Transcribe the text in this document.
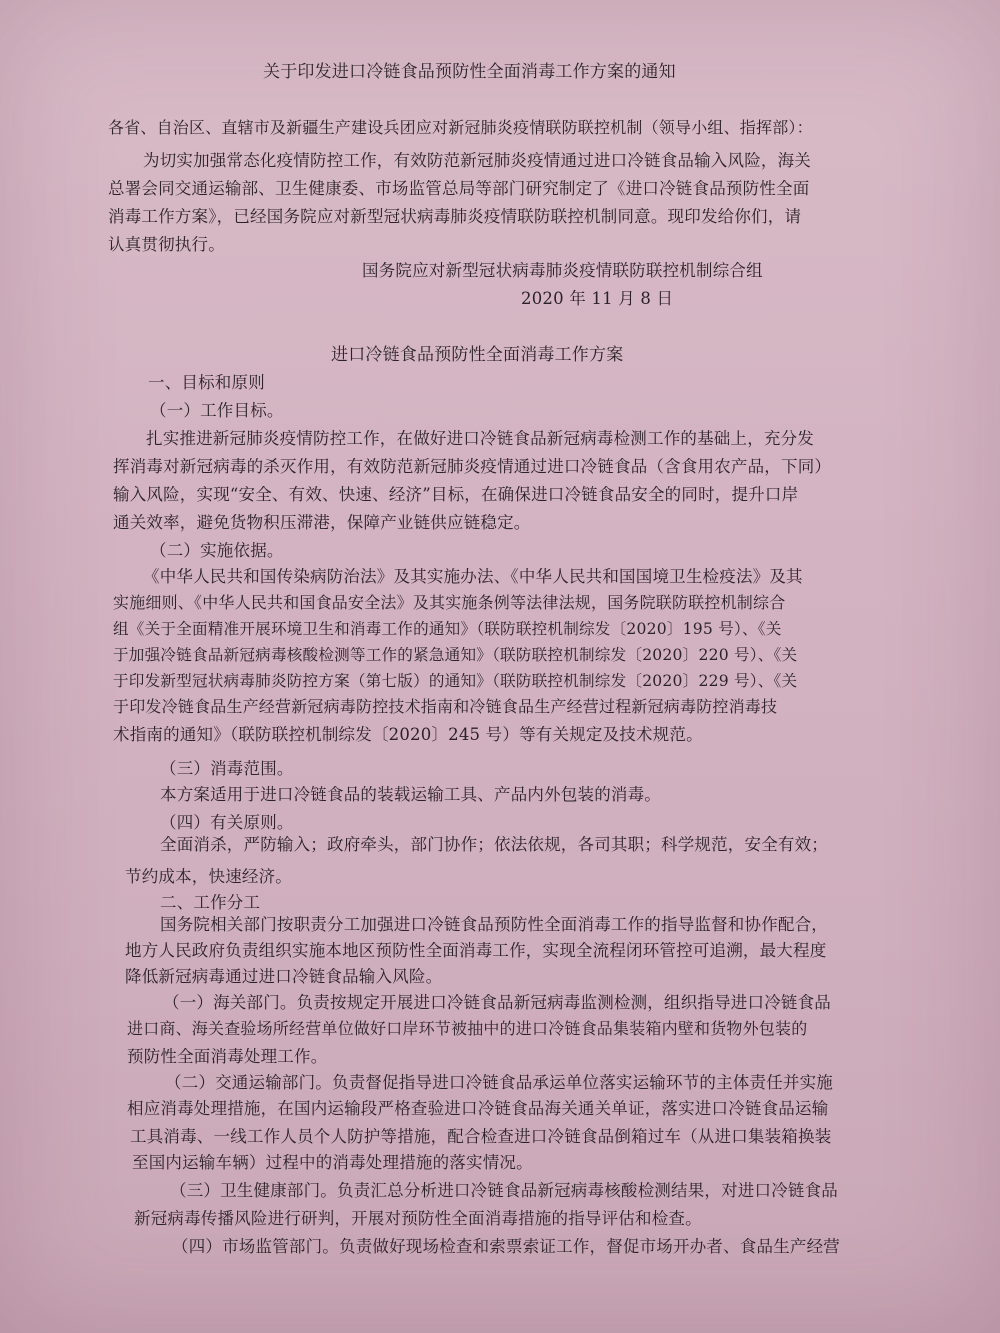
关于印发进口冷链食品预防性全面消毒工作方案的通知
各省、自治区、直辖市及新疆生产建设兵团应对新冠肺炎疫情联防联控机制（领导小组、指挥部）：
为切实加强常态化疫情防控工作，有效防范新冠肺炎疫情通过进口冷链食品输入风险，海关
总署会同交通运输部、卫生健康委、市场监管总局等部门研究制定了《进口冷链食品预防性全面
消毒工作方案》，已经国务院应对新型冠状病毒肺炎疫情联防联控机制同意。现印发给你们，请
认真贯彻执行。
国务院应对新型冠状病毒肺炎疫情联防联控机制综合组
2020 年 11 月 8 日
进口冷链食品预防性全面消毒工作方案
一、目标和原则
（一）工作目标。
扎实推进新冠肺炎疫情防控工作，在做好进口冷链食品新冠病毒检测工作的基础上，充分发
挥消毒对新冠病毒的杀灭作用，有效防范新冠肺炎疫情通过进口冷链食品（含食用农产品，下同）
输入风险，实现“安全、有效、快速、经济”目标，在确保进口冷链食品安全的同时，提升口岸
通关效率，避免货物积压滞港，保障产业链供应链稳定。
（二）实施依据。
《中华人民共和国传染病防治法》及其实施办法、《中华人民共和国国境卫生检疫法》及其
实施细则、《中华人民共和国食品安全法》及其实施条例等法律法规，国务院联防联控机制综合
组《关于全面精准开展环境卫生和消毒工作的通知》（联防联控机制综发〔2020〕195 号）、《关
于加强冷链食品新冠病毒核酸检测等工作的紧急通知》（联防联控机制综发〔2020〕220 号）、《关
于印发新型冠状病毒肺炎防控方案（第七版）的通知》（联防联控机制综发〔2020〕229 号）、《关
于印发冷链食品生产经营新冠病毒防控技术指南和冷链食品生产经营过程新冠病毒防控消毒技
术指南的通知》（联防联控机制综发〔2020〕245 号）等有关规定及技术规范。
（三）消毒范围。
本方案适用于进口冷链食品的装载运输工具、产品内外包装的消毒。
（四）有关原则。
全面消杀，严防输入；政府牵头，部门协作；依法依规，各司其职；科学规范，安全有效；
节约成本，快速经济。
二、工作分工
国务院相关部门按职责分工加强进口冷链食品预防性全面消毒工作的指导监督和协作配合，
地方人民政府负责组织实施本地区预防性全面消毒工作，实现全流程闭环管控可追溯，最大程度
降低新冠病毒通过进口冷链食品输入风险。
（一）海关部门。负责按规定开展进口冷链食品新冠病毒监测检测，组织指导进口冷链食品
进口商、海关查验场所经营单位做好口岸环节被抽中的进口冷链食品集装箱内壁和货物外包装的
预防性全面消毒处理工作。
（二）交通运输部门。负责督促指导进口冷链食品承运单位落实运输环节的主体责任并实施
相应消毒处理措施，在国内运输段严格查验进口冷链食品海关通关单证，落实进口冷链食品运输
工具消毒、一线工作人员个人防护等措施，配合检查进口冷链食品倒箱过车（从进口集装箱换装
至国内运输车辆）过程中的消毒处理措施的落实情况。
（三）卫生健康部门。负责汇总分析进口冷链食品新冠病毒核酸检测结果，对进口冷链食品
新冠病毒传播风险进行研判，开展对预防性全面消毒措施的指导评估和检查。
（四）市场监管部门。负责做好现场检查和索票索证工作，督促市场开办者、食品生产经营
